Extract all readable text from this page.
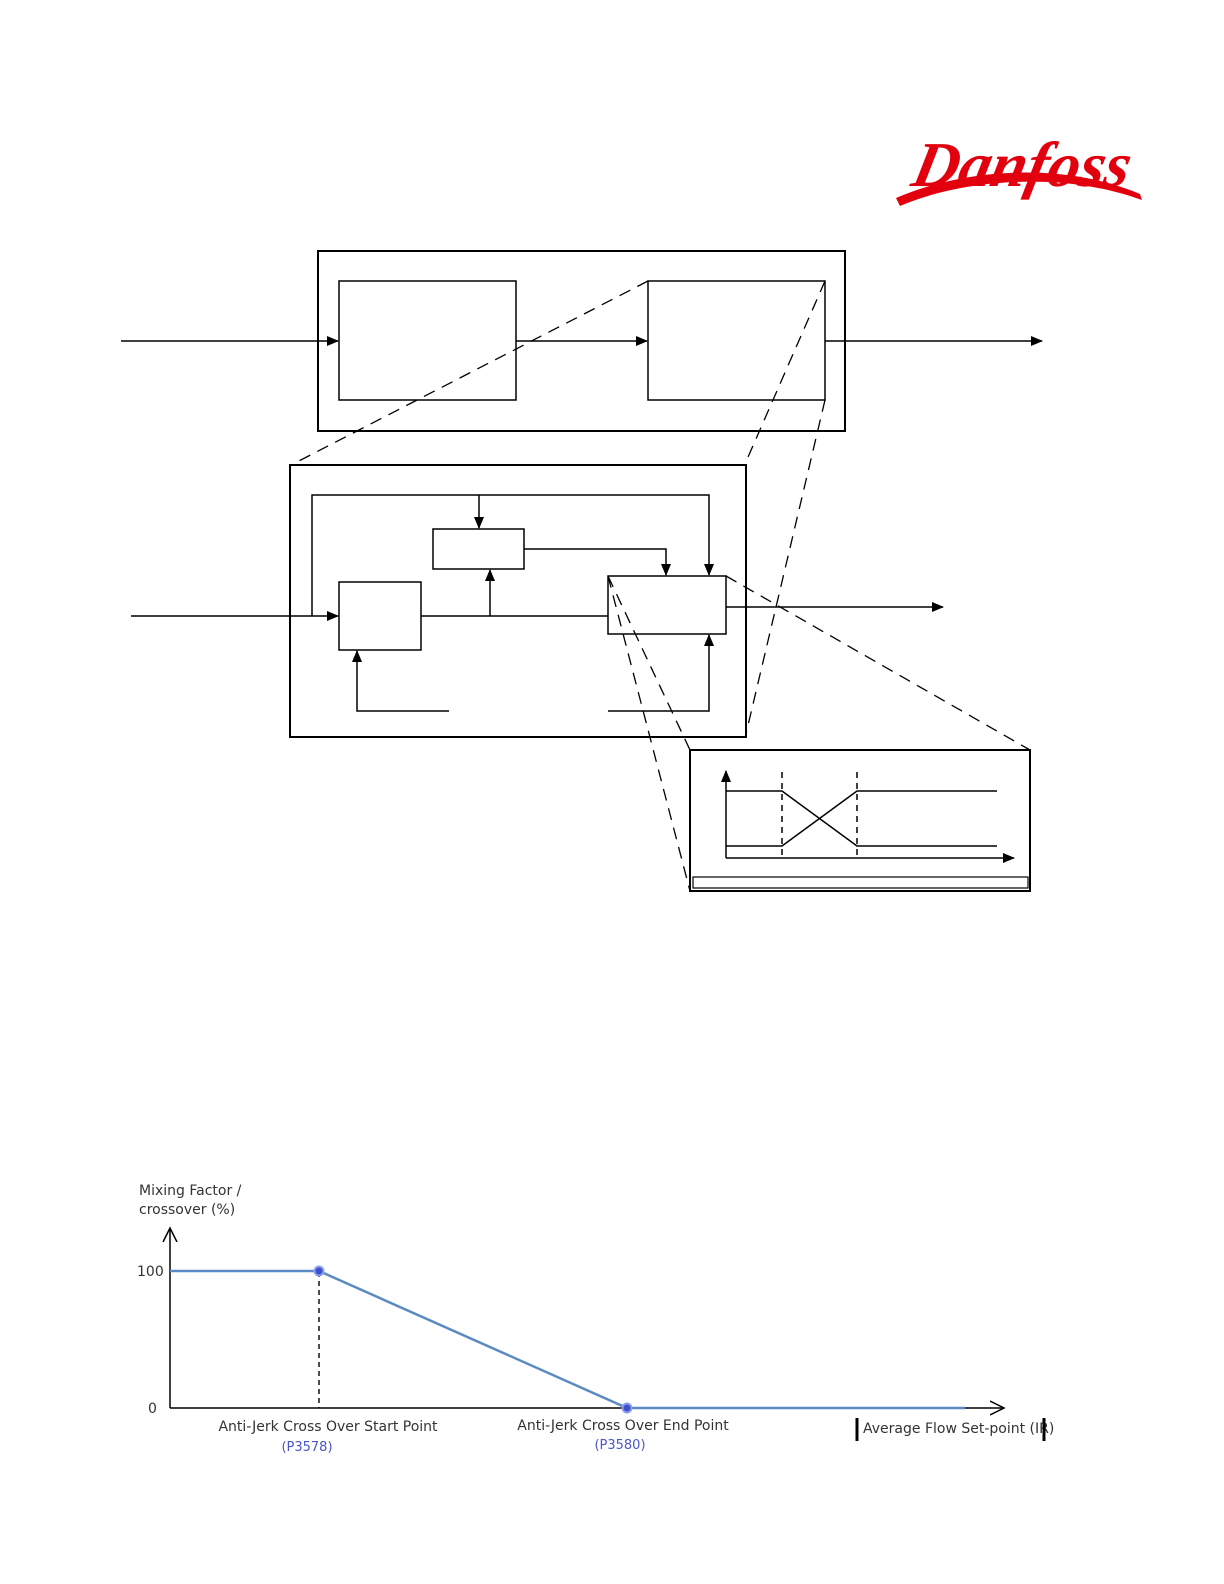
Danfoss
Mixing Factor /
crossover (%)
100
0
Anti-Jerk Cross Over Start Point
(P3578)
Anti-Jerk Cross Over End Point
(P3580)
Average Flow Set-point (IR)
